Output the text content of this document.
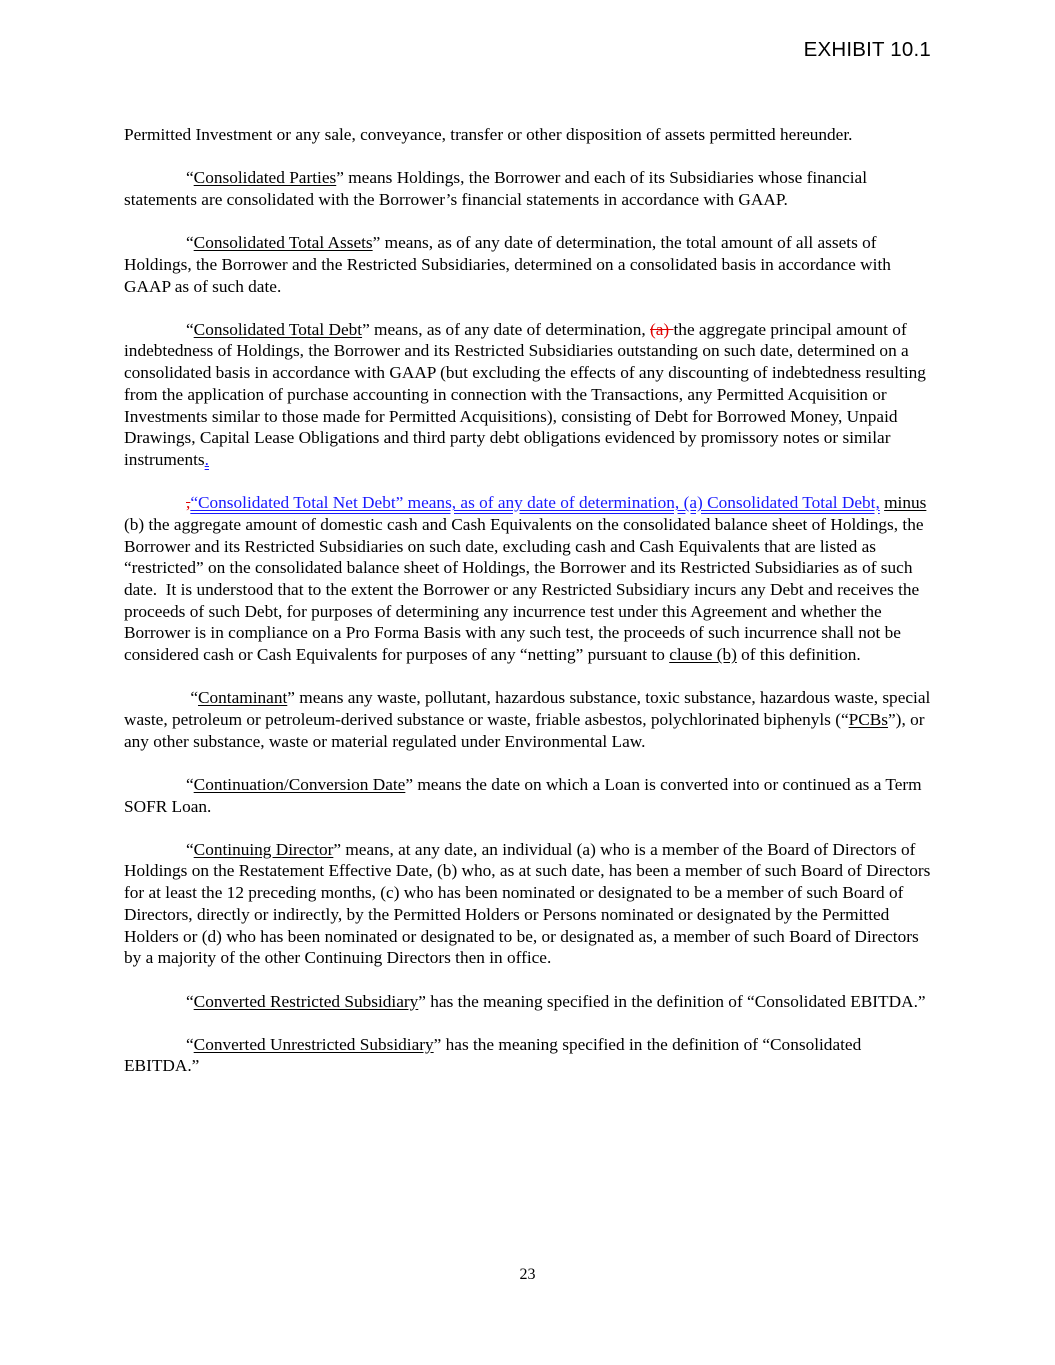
EXHIBIT 10.1

Permitted Investment or any sale, conveyance, transfer or other disposition of assets permitted hereunder.

“Consolidated Parties” means Holdings, the Borrower and each of its Subsidiaries whose financial statements are consolidated with the Borrower’s financial statements in accordance with GAAP.

“Consolidated Total Assets” means, as of any date of determination, the total amount of all assets of Holdings, the Borrower and the Restricted Subsidiaries, determined on a consolidated basis in accordance with GAAP as of such date.

“Consolidated Total Debt” means, as of any date of determination, (a) the aggregate principal amount of indebtedness of Holdings, the Borrower and its Restricted Subsidiaries outstanding on such date, determined on a consolidated basis in accordance with GAAP (but excluding the effects of any discounting of indebtedness resulting from the application of purchase accounting in connection with the Transactions, any Permitted Acquisition or Investments similar to those made for Permitted Acquisitions), consisting of Debt for Borrowed Money, Unpaid Drawings, Capital Lease Obligations and third party debt obligations evidenced by promissory notes or similar instruments.

,“Consolidated Total Net Debt” means, as of any date of determination, (a) Consolidated Total Debt, minus (b) the aggregate amount of domestic cash and Cash Equivalents on the consolidated balance sheet of Holdings, the Borrower and its Restricted Subsidiaries on such date, excluding cash and Cash Equivalents that are listed as “restricted” on the consolidated balance sheet of Holdings, the Borrower and its Restricted Subsidiaries as of such date.  It is understood that to the extent the Borrower or any Restricted Subsidiary incurs any Debt and receives the proceeds of such Debt, for purposes of determining any incurrence test under this Agreement and whether the Borrower is in compliance on a Pro Forma Basis with any such test, the proceeds of such incurrence shall not be considered cash or Cash Equivalents for purposes of any “netting” pursuant to clause (b) of this definition.

“Contaminant” means any waste, pollutant, hazardous substance, toxic substance, hazardous waste, special waste, petroleum or petroleum-derived substance or waste, friable asbestos, polychlorinated biphenyls (“PCBs”), or any other substance, waste or material regulated under Environmental Law.

“Continuation/Conversion Date” means the date on which a Loan is converted into or continued as a Term SOFR Loan.

“Continuing Director” means, at any date, an individual (a) who is a member of the Board of Directors of Holdings on the Restatement Effective Date, (b) who, as at such date, has been a member of such Board of Directors for at least the 12 preceding months, (c) who has been nominated or designated to be a member of such Board of Directors, directly or indirectly, by the Permitted Holders or Persons nominated or designated by the Permitted Holders or (d) who has been nominated or designated to be, or designated as, a member of such Board of Directors by a majority of the other Continuing Directors then in office.

“Converted Restricted Subsidiary” has the meaning specified in the definition of “Consolidated EBITDA.”

“Converted Unrestricted Subsidiary” has the meaning specified in the definition of “Consolidated EBITDA.”

23
